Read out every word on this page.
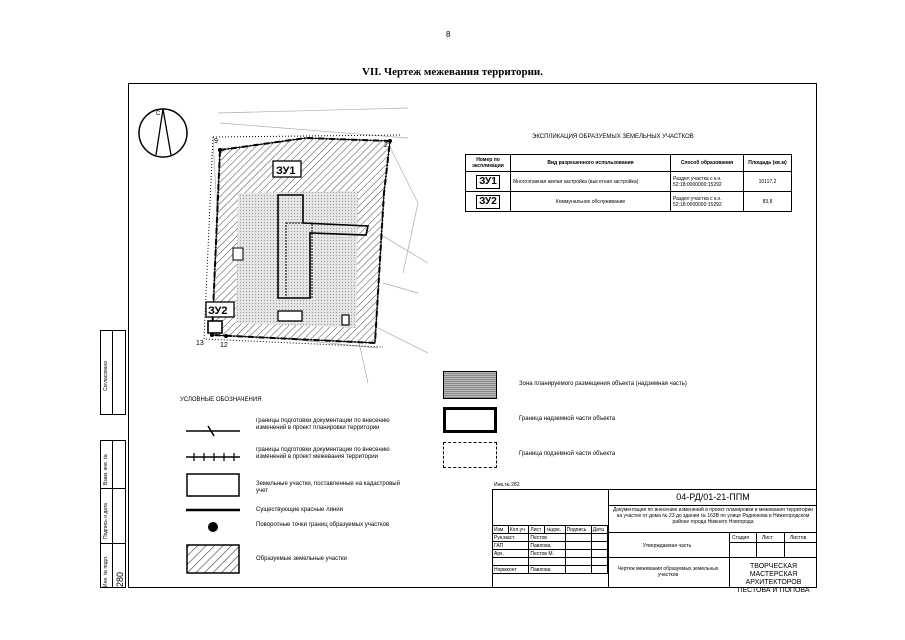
8
VII. Чертеж межевания территории.
С
ЗУ1
ЗУ2
9
2
13 12
ЭКСПЛИКАЦИЯ ОБРАЗУЕМЫХ ЗЕМЕЛЬНЫХ УЧАСТКОВ
Номер по экспликации	Вид разрешенного использования	Способ образования	Площадь (кв.м)
ЗУ1	Многоэтажная жилая застройка (высотная застройка)	Раздел участка с к.н. 52:18:0000000:15292	10117,2
ЗУ2	Коммунальное обслуживание	Раздел участка с к.н. 52:18:0000000:15292	83,8
УСЛОВНЫЕ ОБОЗНАЧЕНИЯ
границы подготовки документации по внесению изменений в проект планировки территории
границы подготовки документации по внесению изменений в проект межевания территории
Земельные участки, поставленные на кадастровый учет
Существующие красные линии
Поворотные точки границ образуемых участков
Образуемые земельные участки
Зона планируемого размещения объекта (надземная часть)
Граница надземной части объекта
Граница подземной части объекта
Согласовано
Взам. инв. №
Подпись и дата
Инв. № подл. 280
Инв.№ 282
04-РД/01-21-ППМ
Документация по внесению изменений в проект планировки и межевания территории на участке от дома № 23 до здания № 163В по улице Родионова в Нижегородском районе города Нижнего Новгорода
Утверждаемая часть
Чертеж межевания образуемых земельных участков
Стадия	Лист	Листов
ТВОРЧЕСКАЯ МАСТЕРСКАЯ АРХИТЕКТОРОВ ПЕСТОВА И ПОПОВА
Изм.	Кол.уч	Лист	№док.	Подпись	Дата
Рук.маст.		Пестов			
ГАП		Павлова			
Арх.		Пестов М.			

Нормконт		Павлова			
